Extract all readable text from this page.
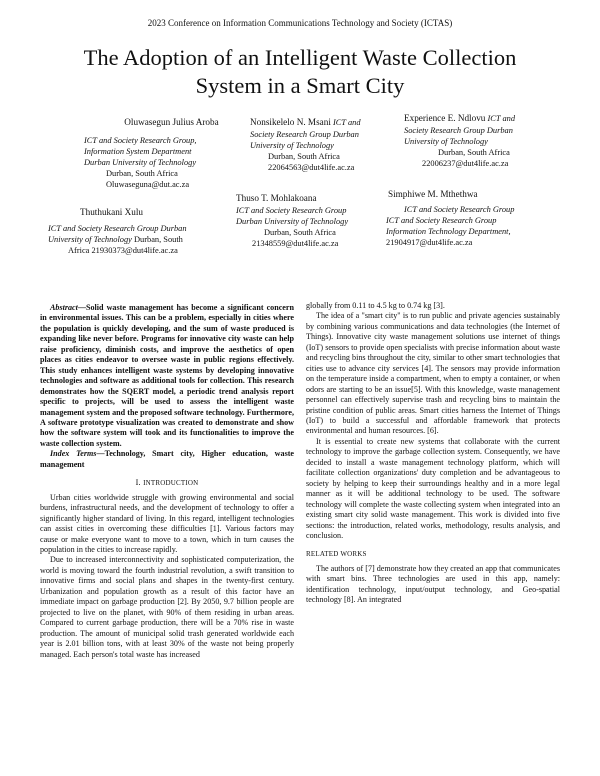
2023 Conference on Information Communications Technology and Society (ICTAS)
The Adoption of an Intelligent Waste Collection
System in a Smart City
Oluwasegun Julius Aroba
ICT and Society Research Group,
Information System Department
Durban University of Technology
Durban, South Africa
Oluwaseguna@dut.ac.za
Nonsikelelo N. Msani ICT and
Society Research Group Durban
University of Technology
Durban, South Africa
22064563@dut4life.ac.za
Experience E. Ndlovu ICT and
Society Research Group Durban
University of Technology
Durban, South Africa
22006237@dut4life.ac.za
Thuthukani Xulu
ICT and Society Research Group Durban
University of Technology Durban, South
Africa 21930373@dut4life.ac.za
Thuso T. Mohlakoana
ICT and Society Research Group
Durban University of Technology
Durban, South Africa
21348559@dut4life.ac.za
Simphiwe M. Mthethwa
ICT and Society Research Group
ICT and Society Research Group
Information Technology Department,
21904917@dut4life.ac.za

Abstract—Solid waste management has become a significant concern in environmental issues. This can be a problem, especially in cities where the population is quickly developing, and the sum of waste produced is expanding like never before. Programs for innovative city waste can help raise proficiency, diminish costs, and improve the aesthetics of open places as cities endeavor to oversee waste in public regions effectively. This study enhances intelligent waste systems by developing innovative technologies and software as additional tools for collection. This research demonstrates how the SQERT model, a periodic trend analysis report specific to projects, will be used to assess the intelligent waste management system and the proposed software technology. Furthermore, A software prototype visualization was created to demonstrate and show how the software system will took and its functionalities to improve the waste collection system.

Index Terms—Technology, Smart city, Higher education, waste management

I. INTRODUCTION

Urban cities worldwide struggle with growing environmental and social burdens, infrastructural needs, and the development of technology to offer a significantly higher standard of living. In this regard, intelligent technologies can assist cities in overcoming these difficulties [1]. Various factors may cause or make everyone want to move to a town, which in turn causes the population in the cities to increase rapidly.

Due to increased interconnectivity and sophisticated computerization, the world is moving toward the fourth industrial revolution, a swift transition to innovative firms and social plans and shapes in the twenty-first century. Urbanization and population growth as a result of this factor have an immediate impact on garbage production [2]. By 2050, 9.7 billion people are projected to live on the planet, with 90% of them residing in urban areas. Compared to current garbage production, there will be a 70% rise in waste production. The amount of municipal solid trash generated worldwide each year is 2.01 billion tons, with at least 30% of the waste not being properly managed. Each person's total waste has increased

globally from 0.11 to 4.5 kg to 0.74 kg [3].

The idea of a "smart city" is to run public and private agencies sustainably by combining various communications and data technologies (the Internet of Things). Innovative city waste management solutions use internet of things (IoT) sensors to provide open specialists with precise information about waste and recycling bins throughout the city, similar to other smart technologies that cities use to advance city services [4]. The sensors may provide information on the temperature inside a compartment, when to empty a container, or when odors are starting to be an issue[5]. With this knowledge, waste management personnel can effectively supervise trash and recycling bins to maintain the pristine condition of public areas. Smart cities harness the Internet of Things (IoT) to build a successful and affordable framework that protects environmental and human resources. [6].

It is essential to create new systems that collaborate with the current technology to improve the garbage collection system. Consequently, we have decided to install a waste management technology platform, which will facilitate collection organizations' duty completion and be advantageous to society by helping to keep their surroundings healthy and in a more legal manner as it will be additional technology to be used. The software technology will complete the waste collecting system when integrated into an existing smart city solid waste management. This work is divided into five sections: the introduction, related works, methodology, results analysis, and conclusion.

RELATED WORKS

The authors of [7] demonstrate how they created an app that communicates with smart bins. Three technologies are used in this app, namely: identification technology, input/output technology, and Geo-spatial technology [8]. An integrated
